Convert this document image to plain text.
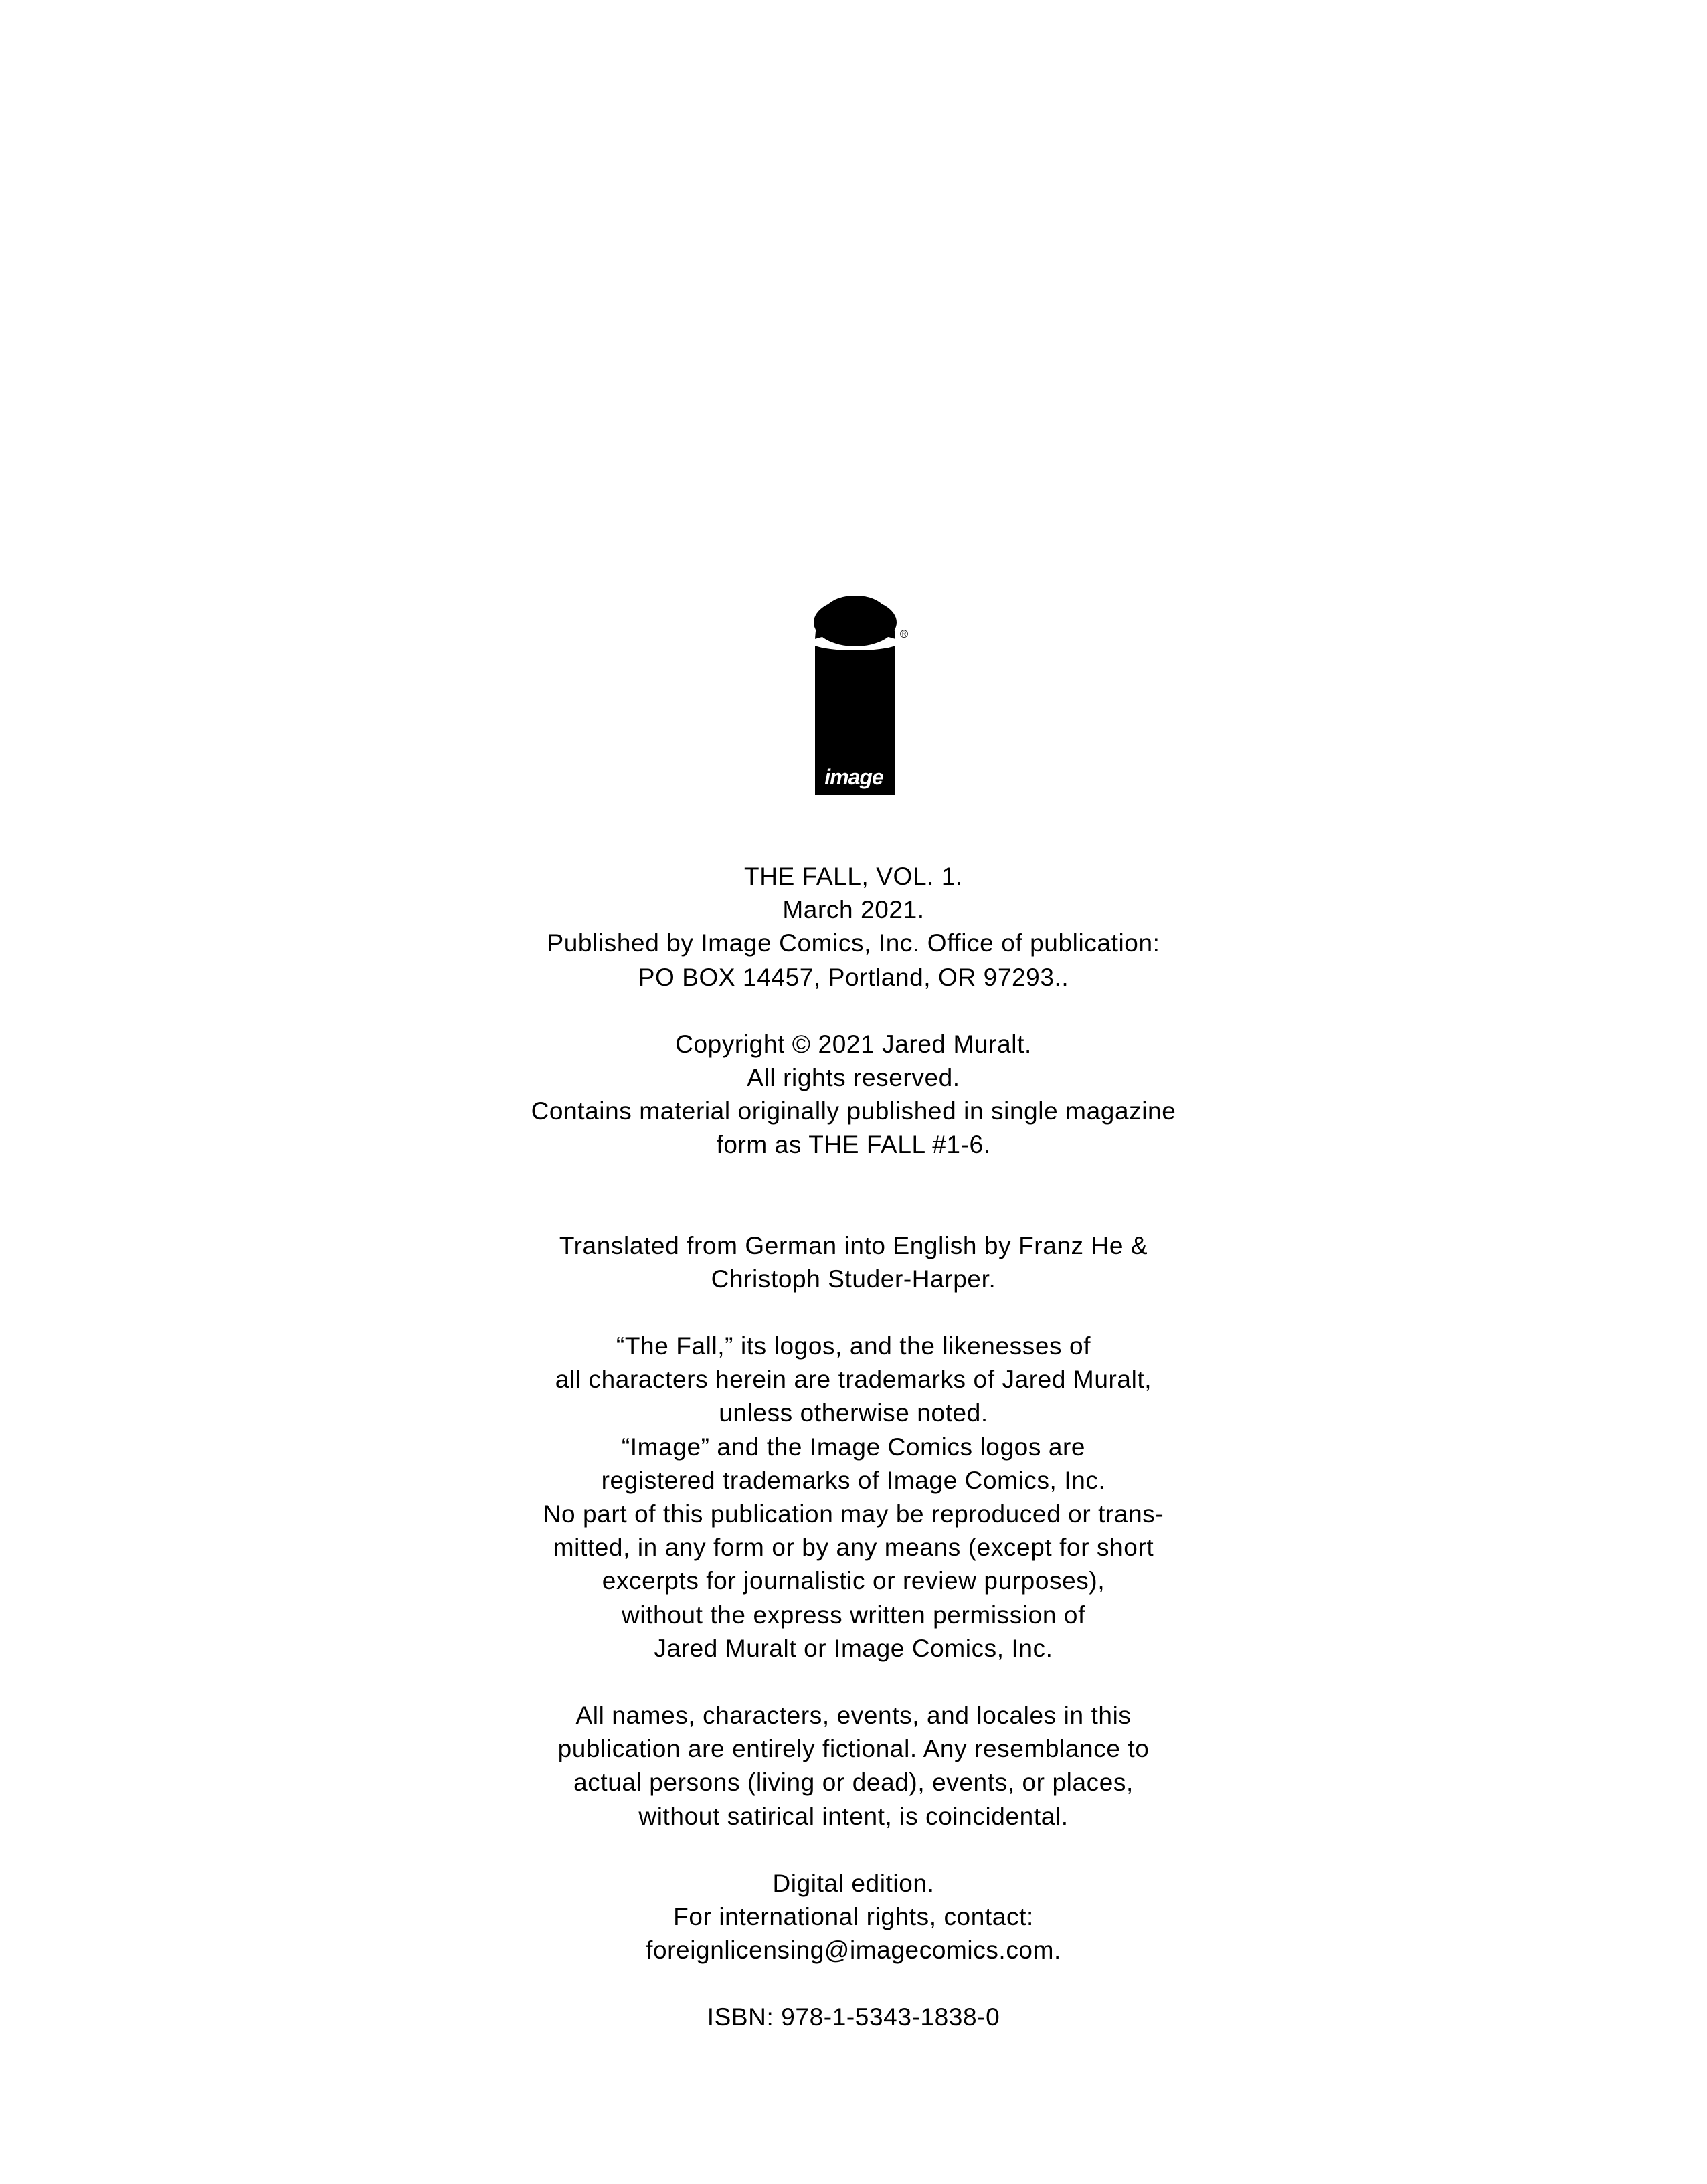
image
®

THE FALL, VOL. 1.
March 2021.
Published by Image Comics, Inc. Office of publication:
PO BOX 14457, Portland, OR 97293..

Copyright © 2021 Jared Muralt.
All rights reserved.
Contains material originally published in single magazine
form as THE FALL #1-6.

Translated from German into English by Franz He &
Christoph Studer-Harper.

“The Fall,” its logos, and the likenesses of
all characters herein are trademarks of Jared Muralt,
unless otherwise noted.
“Image” and the Image Comics logos are
registered trademarks of Image Comics, Inc.
No part of this publication may be reproduced or trans-
mitted, in any form or by any means (except for short
excerpts for journalistic or review purposes),
without the express written permission of
Jared Muralt or Image Comics, Inc.

All names, characters, events, and locales in this
publication are entirely fictional. Any resemblance to
actual persons (living or dead), events, or places,
without satirical intent, is coincidental.

Digital edition.
For international rights, contact:
foreignlicensing@imagecomics.com.

ISBN: 978-1-5343-1838-0
